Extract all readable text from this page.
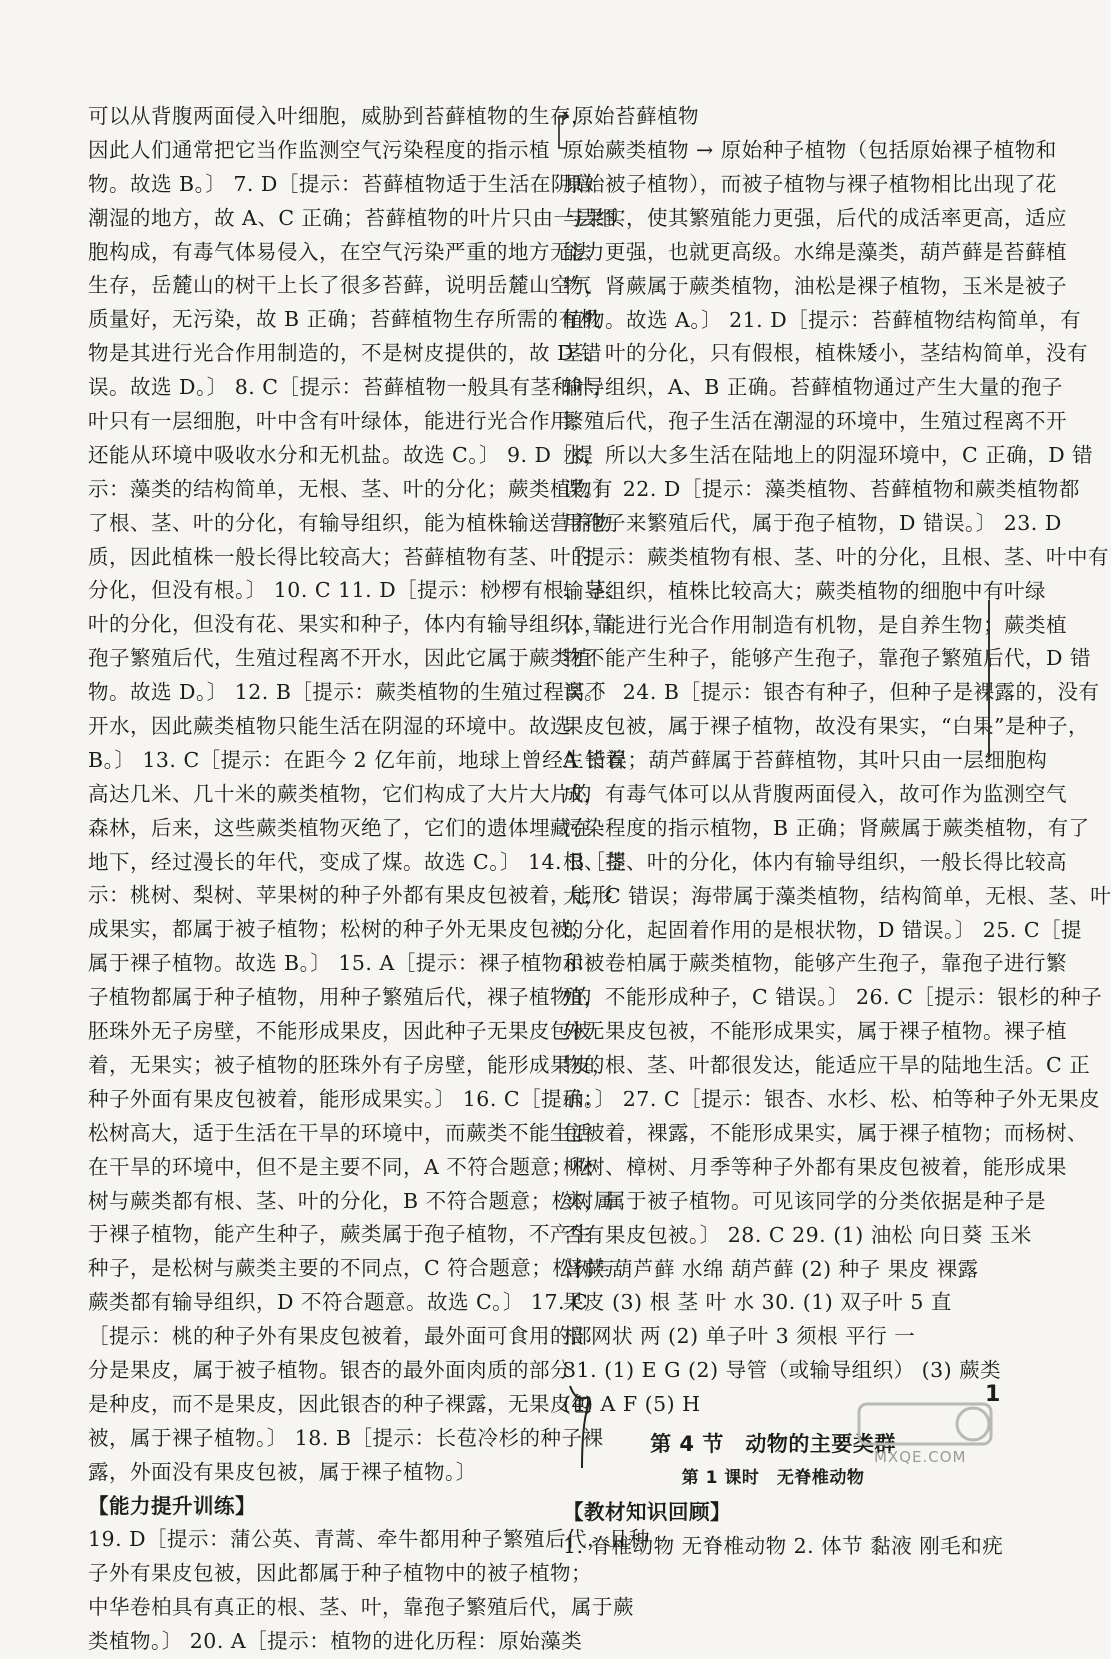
可以从背腹两面侵入叶细胞，威胁到苔藓植物的生存，
因此人们通常把它当作监测空气污染程度的指示植
物。故选 B。〕 7. D［提示：苔藓植物适于生活在阴暗
潮湿的地方，故 A、C 正确；苔藓植物的叶片只由一层细
胞构成，有毒气体易侵入，在空气污染严重的地方无法
生存，岳麓山的树干上长了很多苔藓，说明岳麓山空气
质量好，无污染，故 B 正确；苔藓植物生存所需的有机
物是其进行光合作用制造的，不是树皮提供的，故 D 错
误。故选 D。〕 8. C［提示：苔藓植物一般具有茎和叶，
叶只有一层细胞，叶中含有叶绿体，能进行光合作用；
还能从环境中吸收水分和无机盐。故选 C。〕 9. D［提
示：藻类的结构简单，无根、茎、叶的分化；蕨类植物有
了根、茎、叶的分化，有输导组织，能为植株输送营养物
质，因此植株一般长得比较高大；苔藓植物有茎、叶的
分化，但没有根。〕 10. C 11. D［提示：桫椤有根、茎、
叶的分化，但没有花、果实和种子，体内有输导组织，靠
孢子繁殖后代，生殖过程离不开水，因此它属于蕨类植
物。故选 D。〕 12. B［提示：蕨类植物的生殖过程离不
开水，因此蕨类植物只能生活在阴湿的环境中。故选
B。〕 13. C［提示：在距今 2 亿年前，地球上曾经生长着
高达几米、几十米的蕨类植物，它们构成了大片大片的
森林，后来，这些蕨类植物灭绝了，它们的遗体埋藏在
地下，经过漫长的年代，变成了煤。故选 C。〕 14. B［提
示：桃树、梨树、苹果树的种子外都有果皮包被着，能形
成果实，都属于被子植物；松树的种子外无果皮包被，
属于裸子植物。故选 B。〕 15. A［提示：裸子植物和被
子植物都属于种子植物，用种子繁殖后代，裸子植物的
胚珠外无子房壁，不能形成果皮，因此种子无果皮包被
着，无果实；被子植物的胚珠外有子房壁，能形成果皮，
种子外面有果皮包被着，能形成果实。〕 16. C［提示：
松树高大，适于生活在干旱的环境中，而蕨类不能生活
在干旱的环境中，但不是主要不同，A 不符合题意；松
树与蕨类都有根、茎、叶的分化，B 不符合题意；松树属
于裸子植物，能产生种子，蕨类属于孢子植物，不产生
种子，是松树与蕨类主要的不同点，C 符合题意；松树与
蕨类都有输导组织，D 不符合题意。故选 C。〕 17. C
［提示：桃的种子外有果皮包被着，最外面可食用的部
分是果皮，属于被子植物。银杏的最外面肉质的部分
是种皮，而不是果皮，因此银杏的种子裸露，无果皮包
被，属于裸子植物。〕 18. B［提示：长苞冷杉的种子裸
露，外面没有果皮包被，属于裸子植物。〕
【能力提升训练】
19. D［提示：蒲公英、青蒿、牵牛都用种子繁殖后代，且种
子外有果皮包被，因此都属于种子植物中的被子植物；
中华卷柏具有真正的根、茎、叶，靠孢子繁殖后代，属于蕨
类植物。〕 20. A［提示：植物的进化历程：原始藻类
原始苔藓植物
原始蕨类植物 → 原始种子植物（包括原始裸子植物和
原始被子植物），而被子植物与裸子植物相比出现了花
与果实，使其繁殖能力更强，后代的成活率更高，适应
能力更强，也就更高级。水绵是藻类，葫芦藓是苔藓植
物，肾蕨属于蕨类植物，油松是裸子植物，玉米是被子
植物。故选 A。〕 21. D［提示：苔藓植物结构简单，有
茎、叶的分化，只有假根，植株矮小，茎结构简单，没有
输导组织，A、B 正确。苔藓植物通过产生大量的孢子
繁殖后代，孢子生活在潮湿的环境中，生殖过程离不开
水，所以大多生活在陆地上的阴湿环境中，C 正确，D 错
误。〕 22. D［提示：藻类植物、苔藓植物和蕨类植物都
用孢子来繁殖后代，属于孢子植物，D 错误。〕 23. D
［提示：蕨类植物有根、茎、叶的分化，且根、茎、叶中有
输导组织，植株比较高大；蕨类植物的细胞中有叶绿
体，能进行光合作用制造有机物，是自养生物；蕨类植
物不能产生种子，能够产生孢子，靠孢子繁殖后代，D 错
误。〕 24. B［提示：银杏有种子，但种子是裸露的，没有
果皮包被，属于裸子植物，故没有果实，“白果”是种子，
A 错误；葫芦藓属于苔藓植物，其叶只由一层细胞构
成，有毒气体可以从背腹两面侵入，故可作为监测空气
污染程度的指示植物，B 正确；肾蕨属于蕨类植物，有了
根、茎、叶的分化，体内有输导组织，一般长得比较高
大，C 错误；海带属于藻类植物，结构简单，无根、茎、叶
的分化，起固着作用的是根状物，D 错误。〕 25. C［提
示：卷柏属于蕨类植物，能够产生孢子，靠孢子进行繁
殖，不能形成种子，C 错误。〕 26. C［提示：银杉的种子
外无果皮包被，不能形成果实，属于裸子植物。裸子植
物的根、茎、叶都很发达，能适应干旱的陆地生活。C 正
确。〕 27. C［提示：银杏、水杉、松、柏等种子外无果皮
包被着，裸露，不能形成果实，属于裸子植物；而杨树、
柳树、樟树、月季等种子外都有果皮包被着，能形成果
实，属于被子植物。可见该同学的分类依据是种子是
否有果皮包被。〕 28. C 29. (1) 油松 向日葵 玉米
肾蕨 葫芦藓 水绵 葫芦藓 (2) 种子 果皮 裸露
果皮 (3) 根 茎 叶 水 30. (1) 双子叶 5 直
根 网状 两 (2) 单子叶 3 须根 平行 一
31. (1) E G (2) 导管（或输导组织） (3) 蕨类
(4) A F (5) H
第 4 节　动物的主要类群
第 1 课时　无脊椎动物
【教材知识回顾】
1. 脊椎动物 无脊椎动物 2. 体节 黏液 刚毛和疣
1
MXQE.COM
